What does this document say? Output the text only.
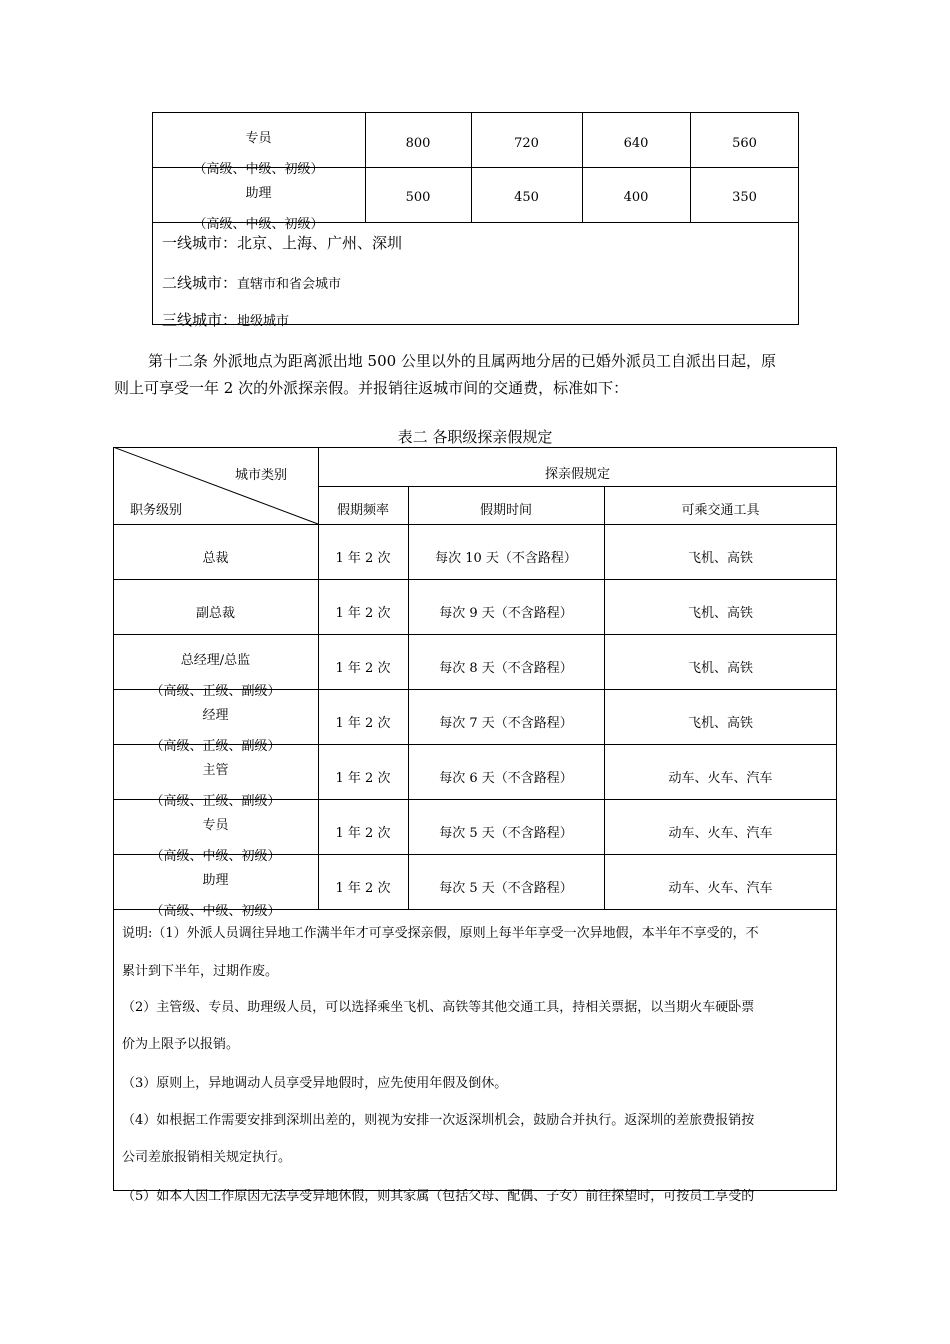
专员
（高级、中级、初级）
800	720	640	560
助理
（高级、中级、初级）
500	450	400	350
一线城市：北京、上海、广州、深圳
二线城市：直辖市和省会城市
三线城市：地级城市
第十二条 外派地点为距离派出地 500 公里以外的且属两地分居的已婚外派员工自派出日起，原
则上可享受一年 2 次的外派探亲假。并报销往返城市间的交通费，标准如下：
表二 各职级探亲假规定
城市类别
职务级别
探亲假规定
假期频率	假期时间	可乘交通工具
总裁	1 年 2 次	每次 10 天（不含路程）	飞机、高铁
副总裁	1 年 2 次	每次 9 天（不含路程）	飞机、高铁
总经理/总监
（高级、正级、副级）
1 年 2 次	每次 8 天（不含路程）	飞机、高铁
经理
（高级、正级、副级）
1 年 2 次	每次 7 天（不含路程）	飞机、高铁
主管
（高级、正级、副级）
1 年 2 次	每次 6 天（不含路程）	动车、火车、汽车
专员
（高级、中级、初级）
1 年 2 次	每次 5 天（不含路程）	动车、火车、汽车
助理
（高级、中级、初级）
1 年 2 次	每次 5 天（不含路程）	动车、火车、汽车
说明:（1）外派人员调往异地工作满半年才可享受探亲假，原则上每半年享受一次异地假，本半年不享受的，不
累计到下半年，过期作废。
（2）主管级、专员、助理级人员，可以选择乘坐飞机、高铁等其他交通工具，持相关票据，以当期火车硬卧票
价为上限予以报销。
（3）原则上，异地调动人员享受异地假时，应先使用年假及倒休。
（4）如根据工作需要安排到深圳出差的，则视为安排一次返深圳机会，鼓励合并执行。返深圳的差旅费报销按
公司差旅报销相关规定执行。
（5）如本人因工作原因无法享受异地休假，则其家属（包括父母、配偶、子女）前往探望时，可按员工享受的
